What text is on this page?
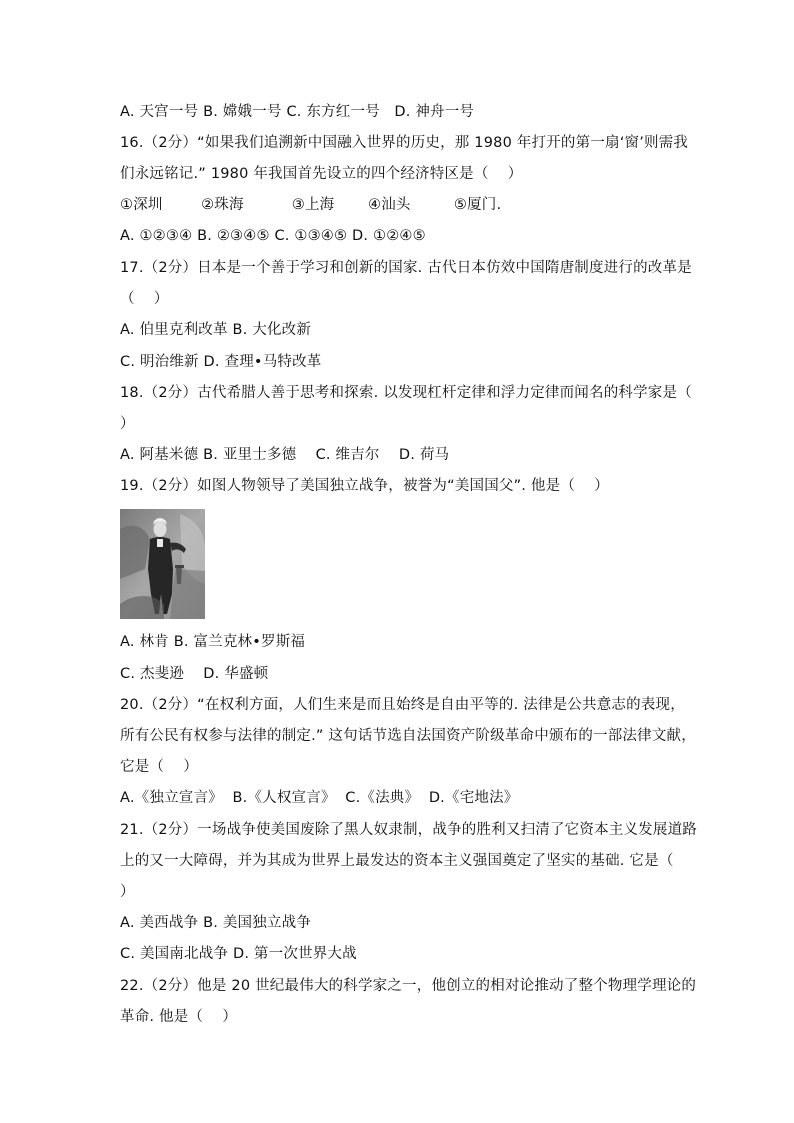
A. 天宫一号 B. 嫦娥一号 C. 东方红一号   D. 神舟一号
16.（2分）“如果我们追溯新中国融入世界的历史，那 1980 年打开的第一扇‘窗’则需我
们永远铭记.” 1980 年我国首先设立的四个经济特区是（    ）
①深圳        ②珠海          ③上海       ④汕头         ⑤厦门.
A. ①②③④ B. ②③④⑤ C. ①③④⑤ D. ①②④⑤
17.（2分）日本是一个善于学习和创新的国家. 古代日本仿效中国隋唐制度进行的改革是
（    ）
A. 伯里克利改革 B. 大化改新
C. 明治维新 D. 查理•马特改革
18.（2分）古代希腊人善于思考和探索. 以发现杠杆定律和浮力定律而闻名的科学家是（
）
A. 阿基米德 B. 亚里士多德    C. 维吉尔    D. 荷马
19.（2分）如图人物领导了美国独立战争，被誉为“美国国父”. 他是（    ）
A. 林肯 B. 富兰克林•罗斯福
C. 杰斐逊    D. 华盛顿
20.（2分）“在权利方面，人们生来是而且始终是自由平等的. 法律是公共意志的表现，
所有公民有权参与法律的制定.” 这句话节选自法国资产阶级革命中颁布的一部法律文献，
它是（    ）
A.《独立宣言》  B.《人权宣言》  C.《法典》  D.《宅地法》
21.（2分）一场战争使美国废除了黑人奴隶制，战争的胜利又扫清了它资本主义发展道路
上的又一大障碍，并为其成为世界上最发达的资本主义强国奠定了坚实的基础. 它是（
）
A. 美西战争 B. 美国独立战争
C. 美国南北战争 D. 第一次世界大战
22.（2分）他是 20 世纪最伟大的科学家之一，他创立的相对论推动了整个物理学理论的
革命. 他是（    ）
